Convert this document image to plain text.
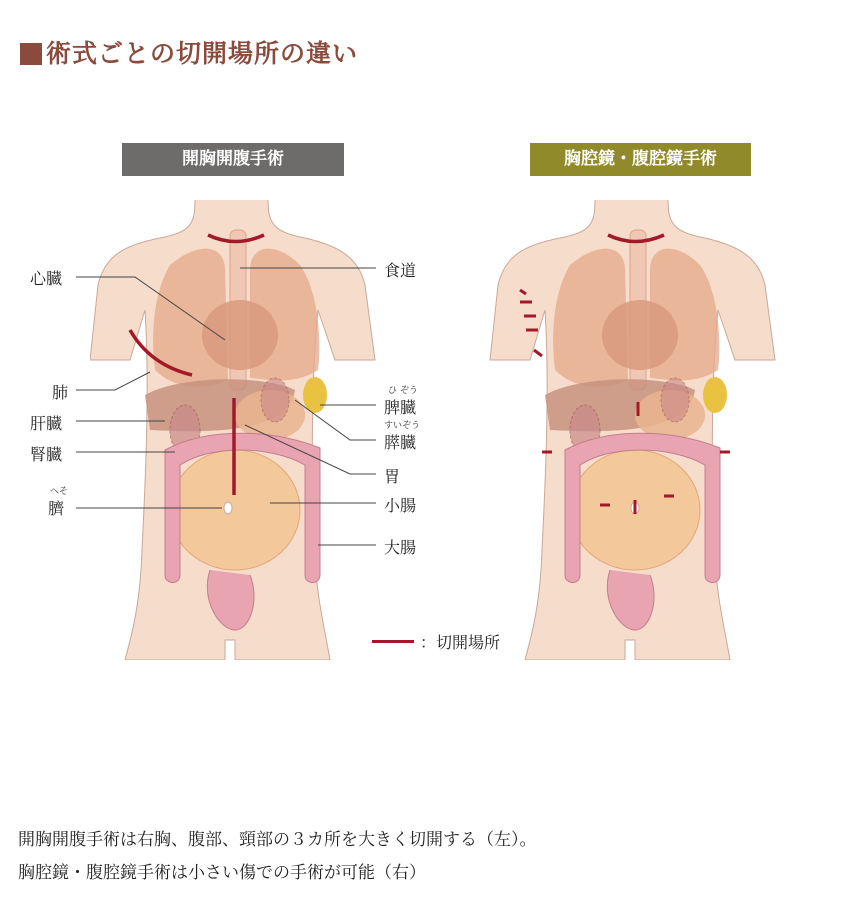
術式ごとの切開場所の違い
開胸開腹手術	胸腔鏡・腹腔鏡手術
心臓
肺
肝臓
腎臓
へそ
臍
食道
ひ ぞう
脾臓
すいぞう
膵臓
胃
小腸
大腸
：切開場所
開胸開腹手術は右胸、腹部、頸部の３カ所を大きく切開する（左）。
胸腔鏡・腹腔鏡手術は小さい傷での手術が可能（右）
